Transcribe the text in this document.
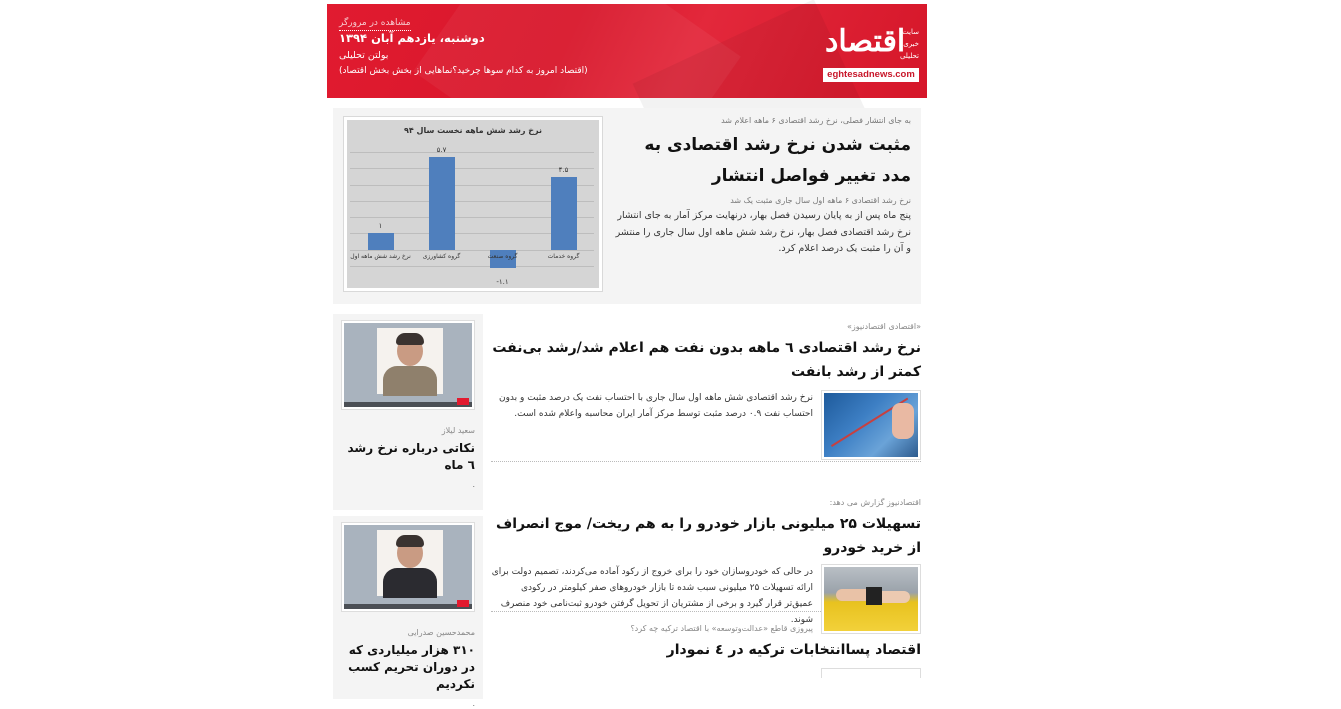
اقتصاد
سایت
خبری
تحلیلی
eghtesadnews.com
مشاهده در مرورگر
دوشنبه، یازدهم آبان ۱۳۹۴
بولتن تحلیلی
(اقتصاد امروز به کدام سوها چرخید؟نماهایی از بخش بخش اقتصاد)
به جای انتشار فصلی، نرخ رشد اقتصادی ۶ ماهه اعلام شد
مثبت شدن نرخ رشد اقتصادی به مدد تغییر فواصل انتشار
نرخ رشد اقتصادی ۶ ماهه اول سال جاری مثبت یک شد
پنج ماه پس از به پایان رسیدن فصل بهار، درنهایت مرکز آمار به جای انتشار نرخ رشد اقتصادی فصل بهار، نرخ رشد شش ماهه اول سال جاری را منتشر و آن را مثبت یک درصد اعلام کرد.
نرخ رشد شش ماهه نخست سال ۹۴
۱
نرخ رشد شش ماهه اول
۵.۷
گروه کشاورزی
-۱.۱
گروه صنعت
۴.۵
گروه خدمات
سعید لیلاز
نکاتی درباره نرخ رشد ٦ ماه
.
محمدحسین صدرایی
۳۱۰ هزار میلیاردی که در دوران تحریم کسب نکردیم
.
«اقتصادی اقتصادنیوز»
نرخ رشد اقتصادی ٦ ماهه بدون نفت هم اعلام شد/رشد بی‌نفت کمتر از رشد بانفت
نرخ رشد اقتصادی شش ماهه اول سال جاری با احتساب نفت یک درصد مثبت و بدون احتساب نفت ۰.۹ درصد مثبت توسط مرکز آمار ایران محاسبه واعلام شده است.
اقتصادنیوز گزارش می دهد:
تسهیلات ۲۵ میلیونی بازار خودرو را به هم ریخت/ موج انصراف از خرید خودرو
در حالی که خودروسازان خود را برای خروج از رکود آماده می‌کردند، تصمیم دولت برای ارائه تسهیلات ۲۵ میلیونی سبب شده تا بازار خودروهای صفر کیلومتر در رکودی عمیق‌تر قرار گیرد و برخی از مشتریان از تحویل گرفتن خودرو ثبت‌نامی خود منصرف شوند.
پیروزی قاطع «عدالت‌وتوسعه» با اقتصاد ترکیه چه کرد؟
اقتصاد پساانتخابات ترکیه در ٤ نمودار
